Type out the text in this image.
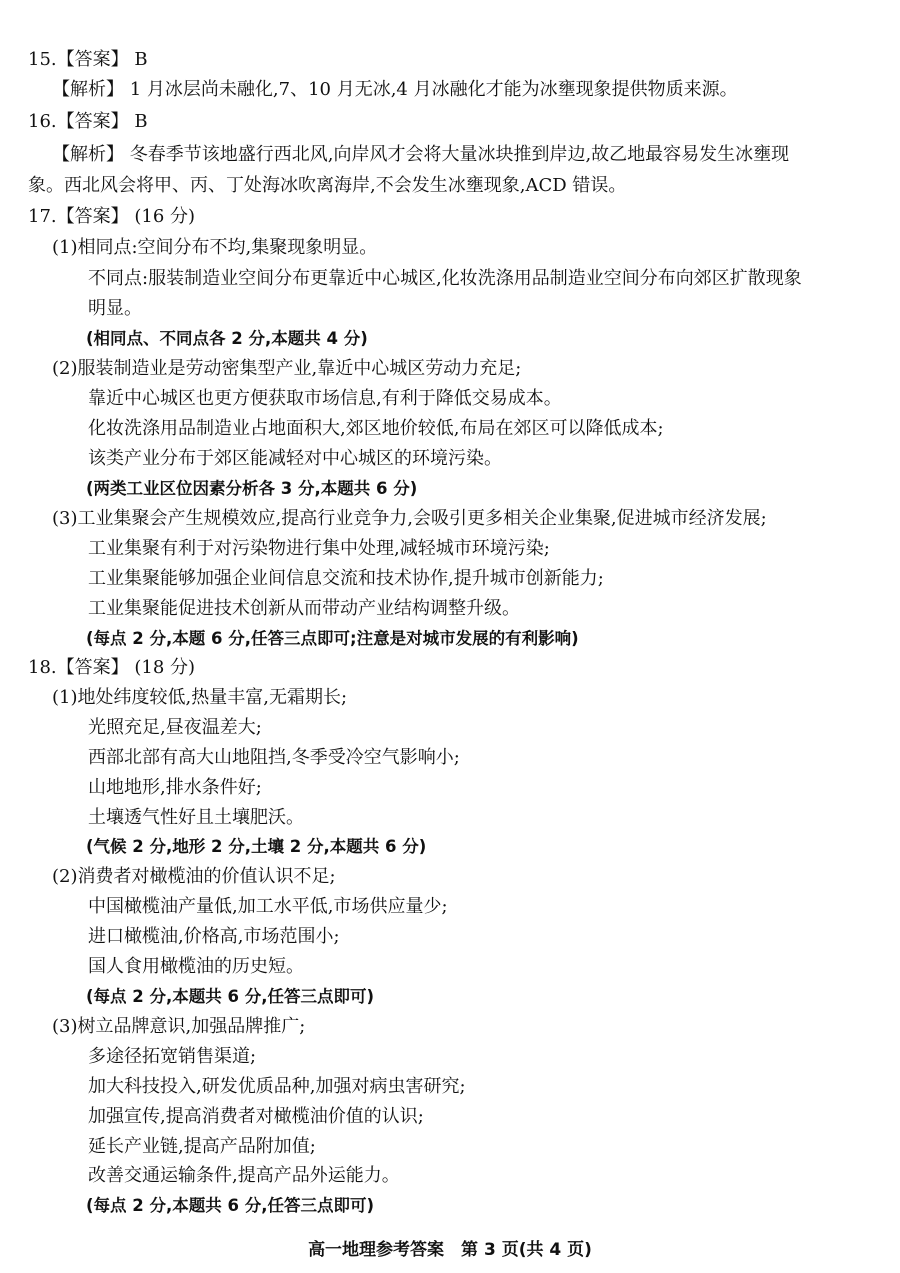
15.【答案】 B
【解析】 1 月冰层尚未融化,7、10 月无冰,4 月冰融化才能为冰壅现象提供物质来源。
16.【答案】 B
【解析】 冬春季节该地盛行西北风,向岸风才会将大量冰块推到岸边,故乙地最容易发生冰壅现
象。西北风会将甲、丙、丁处海冰吹离海岸,不会发生冰壅现象,ACD 错误。
17.【答案】 (16 分)
(1)相同点:空间分布不均,集聚现象明显。
不同点:服装制造业空间分布更靠近中心城区,化妆洗涤用品制造业空间分布向郊区扩散现象
明显。
(相同点、不同点各 2 分,本题共 4 分)
(2)服装制造业是劳动密集型产业,靠近中心城区劳动力充足;
靠近中心城区也更方便获取市场信息,有利于降低交易成本。
化妆洗涤用品制造业占地面积大,郊区地价较低,布局在郊区可以降低成本;
该类产业分布于郊区能减轻对中心城区的环境污染。
(两类工业区位因素分析各 3 分,本题共 6 分)
(3)工业集聚会产生规模效应,提高行业竞争力,会吸引更多相关企业集聚,促进城市经济发展;
工业集聚有利于对污染物进行集中处理,减轻城市环境污染;
工业集聚能够加强企业间信息交流和技术协作,提升城市创新能力;
工业集聚能促进技术创新从而带动产业结构调整升级。
(每点 2 分,本题 6 分,任答三点即可;注意是对城市发展的有利影响)
18.【答案】 (18 分)
(1)地处纬度较低,热量丰富,无霜期长;
光照充足,昼夜温差大;
西部北部有高大山地阻挡,冬季受冷空气影响小;
山地地形,排水条件好;
土壤透气性好且土壤肥沃。
(气候 2 分,地形 2 分,土壤 2 分,本题共 6 分)
(2)消费者对橄榄油的价值认识不足;
中国橄榄油产量低,加工水平低,市场供应量少;
进口橄榄油,价格高,市场范围小;
国人食用橄榄油的历史短。
(每点 2 分,本题共 6 分,任答三点即可)
(3)树立品牌意识,加强品牌推广;
多途径拓宽销售渠道;
加大科技投入,研发优质品种,加强对病虫害研究;
加强宣传,提高消费者对橄榄油价值的认识;
延长产业链,提高产品附加值;
改善交通运输条件,提高产品外运能力。
(每点 2 分,本题共 6 分,任答三点即可)
高一地理参考答案　第 3 页(共 4 页)
